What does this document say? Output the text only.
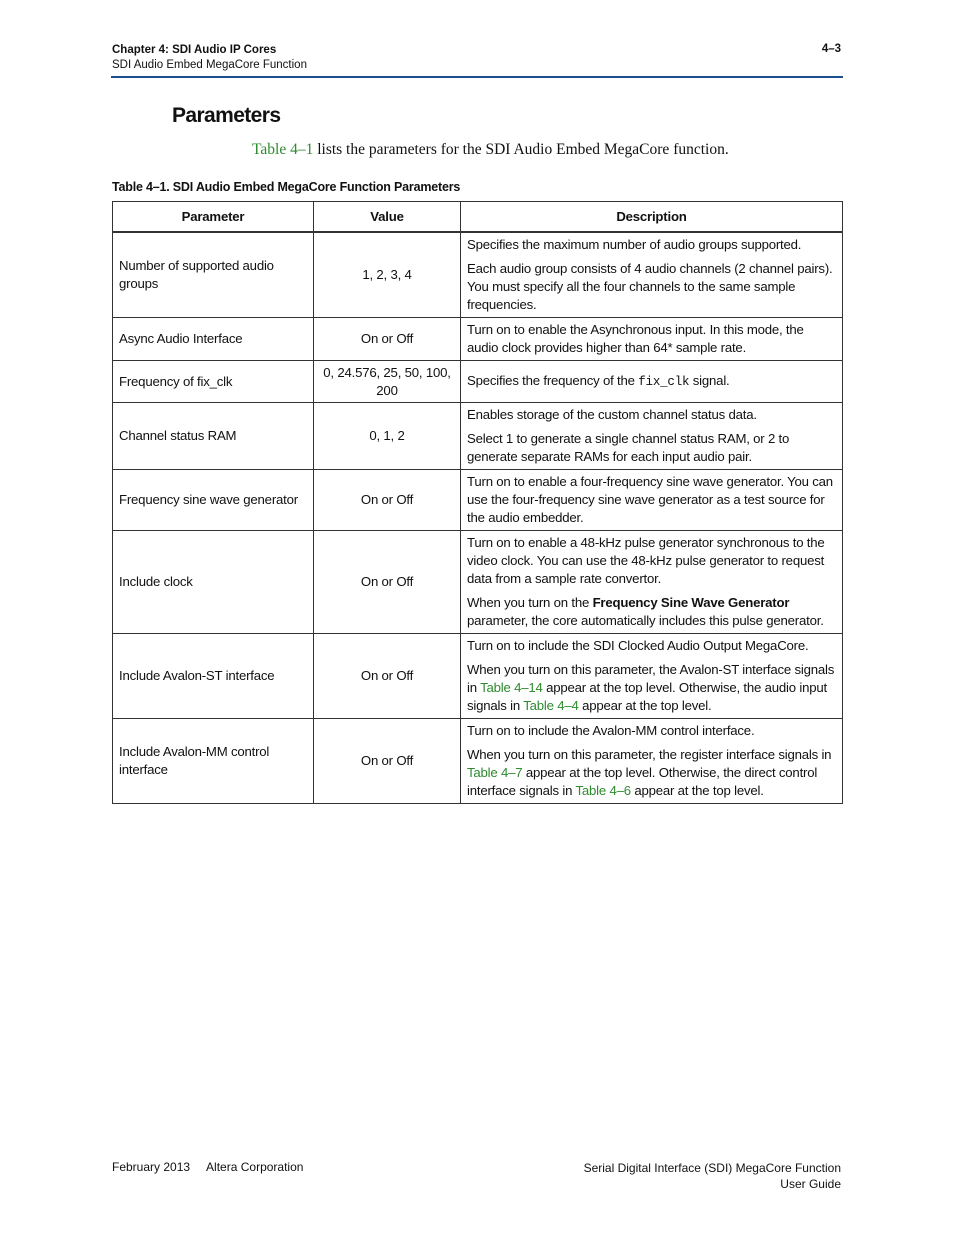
Chapter 4: SDI Audio IP Cores
SDI Audio Embed MegaCore Function
4–3
Parameters
Table 4–1 lists the parameters for the SDI Audio Embed MegaCore function.
Table 4–1. SDI Audio Embed MegaCore Function Parameters
Parameter	Value	Description
Number of supported audio groups	1, 2, 3, 4	Specifies the maximum number of audio groups supported.

Each audio group consists of 4 audio channels (2 channel pairs). You must specify all the four channels to the same sample frequencies.

Async Audio Interface	On or Off	Turn on to enable the Asynchronous input. In this mode, the audio clock provides higher than 64* sample rate.

Frequency of fix_clk	0, 24.576, 25, 50, 100, 200	Specifies the frequency of the fix_clk signal.

Channel status RAM	0, 1, 2	Enables storage of the custom channel status data.

Select 1 to generate a single channel status RAM, or 2 to generate separate RAMs for each input audio pair.

Frequency sine wave generator	On or Off	Turn on to enable a four-frequency sine wave generator. You can use the four-frequency sine wave generator as a test source for the audio embedder.

Include clock	On or Off	Turn on to enable a 48-kHz pulse generator synchronous to the video clock. You can use the 48-kHz pulse generator to request data from a sample rate convertor.

When you turn on the Frequency Sine Wave Generator parameter, the core automatically includes this pulse generator.

Include Avalon-ST interface	On or Off	Turn on to include the SDI Clocked Audio Output MegaCore.

When you turn on this parameter, the Avalon-ST interface signals in Table 4–14 appear at the top level. Otherwise, the audio input signals in Table 4–4 appear at the top level.

Include Avalon-MM control interface	On or Off	Turn on to include the Avalon-MM control interface.

When you turn on this parameter, the register interface signals in Table 4–7 appear at the top level. Otherwise, the direct control interface signals in Table 4–6 appear at the top level.

February 2013 Altera Corporation	Serial Digital Interface (SDI) MegaCore Function
User Guide
